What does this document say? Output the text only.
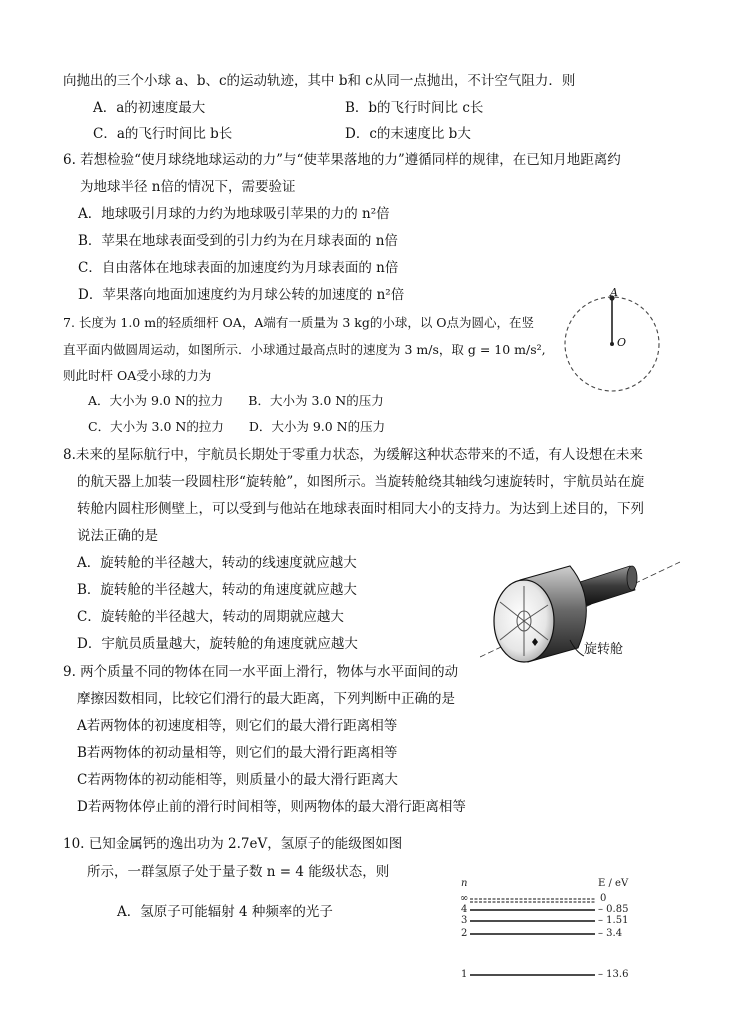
向抛出的三个小球 a、b、c的运动轨迹，其中 b和 c从同一点抛出，不计空气阻力．则
A．a的初速度最大	B．b的飞行时间比 c长
C．a的飞行时间比 b长	D．c的末速度比 b大
6. 若想检验“使月球绕地球运动的力”与“使苹果落地的力”遵循同样的规律，在已知月地距离约
为地球半径 n倍的情况下，需要验证
A．地球吸引月球的力约为地球吸引苹果的力的 n²倍
B．苹果在地球表面受到的引力约为在月球表面的 n倍
C．自由落体在地球表面的加速度约为月球表面的 n倍
D．苹果落向地面加速度约为月球公转的加速度的 n²倍
7. 长度为 1.0 m的轻质细杆 OA，A端有一质量为 3 kg的小球，以 O点为圆心，在竖
直平面内做圆周运动，如图所示．小球通过最高点时的速度为 3 m/s，取 g = 10 m/s²,
则此时杆 OA受小球的力为
A．大小为 9.0 N的拉力　　B．大小为 3.0 N的压力
C．大小为 3.0 N的拉力　　D．大小为 9.0 N的压力
A
O
8.未来的星际航行中，宇航员长期处于零重力状态，为缓解这种状态带来的不适，有人设想在未来
的航天器上加装一段圆柱形“旋转舱”，如图所示。当旋转舱绕其轴线匀速旋转时，宇航员站在旋
转舱内圆柱形侧壁上，可以受到与他站在地球表面时相同大小的支持力。为达到上述目的，下列
说法正确的是
A．旋转舱的半径越大，转动的线速度就应越大
B．旋转舱的半径越大，转动的角速度就应越大
C．旋转舱的半径越大，转动的周期就应越大
D．宇航员质量越大，旋转舱的角速度就应越大	旋转舱
9. 两个质量不同的物体在同一水平面上滑行，物体与水平面间的动
摩擦因数相同，比较它们滑行的最大距离，下列判断中正确的是
A若两物体的初速度相等，则它们的最大滑行距离相等
B若两物体的初动量相等，则它们的最大滑行距离相等
C若两物体的初动能相等，则质量小的最大滑行距离大
D若两物体停止前的滑行时间相等，则两物体的最大滑行距离相等
10. 已知金属钙的逸出功为 2.7eV，氢原子的能级图如图
所示，一群氢原子处于量子数 n = 4 能级状态，则
A．氢原子可能辐射 4 种频率的光子
n	E / eV
∞	0
4	– 0.85
3	– 1.51
2	– 3.4
1	– 13.6
